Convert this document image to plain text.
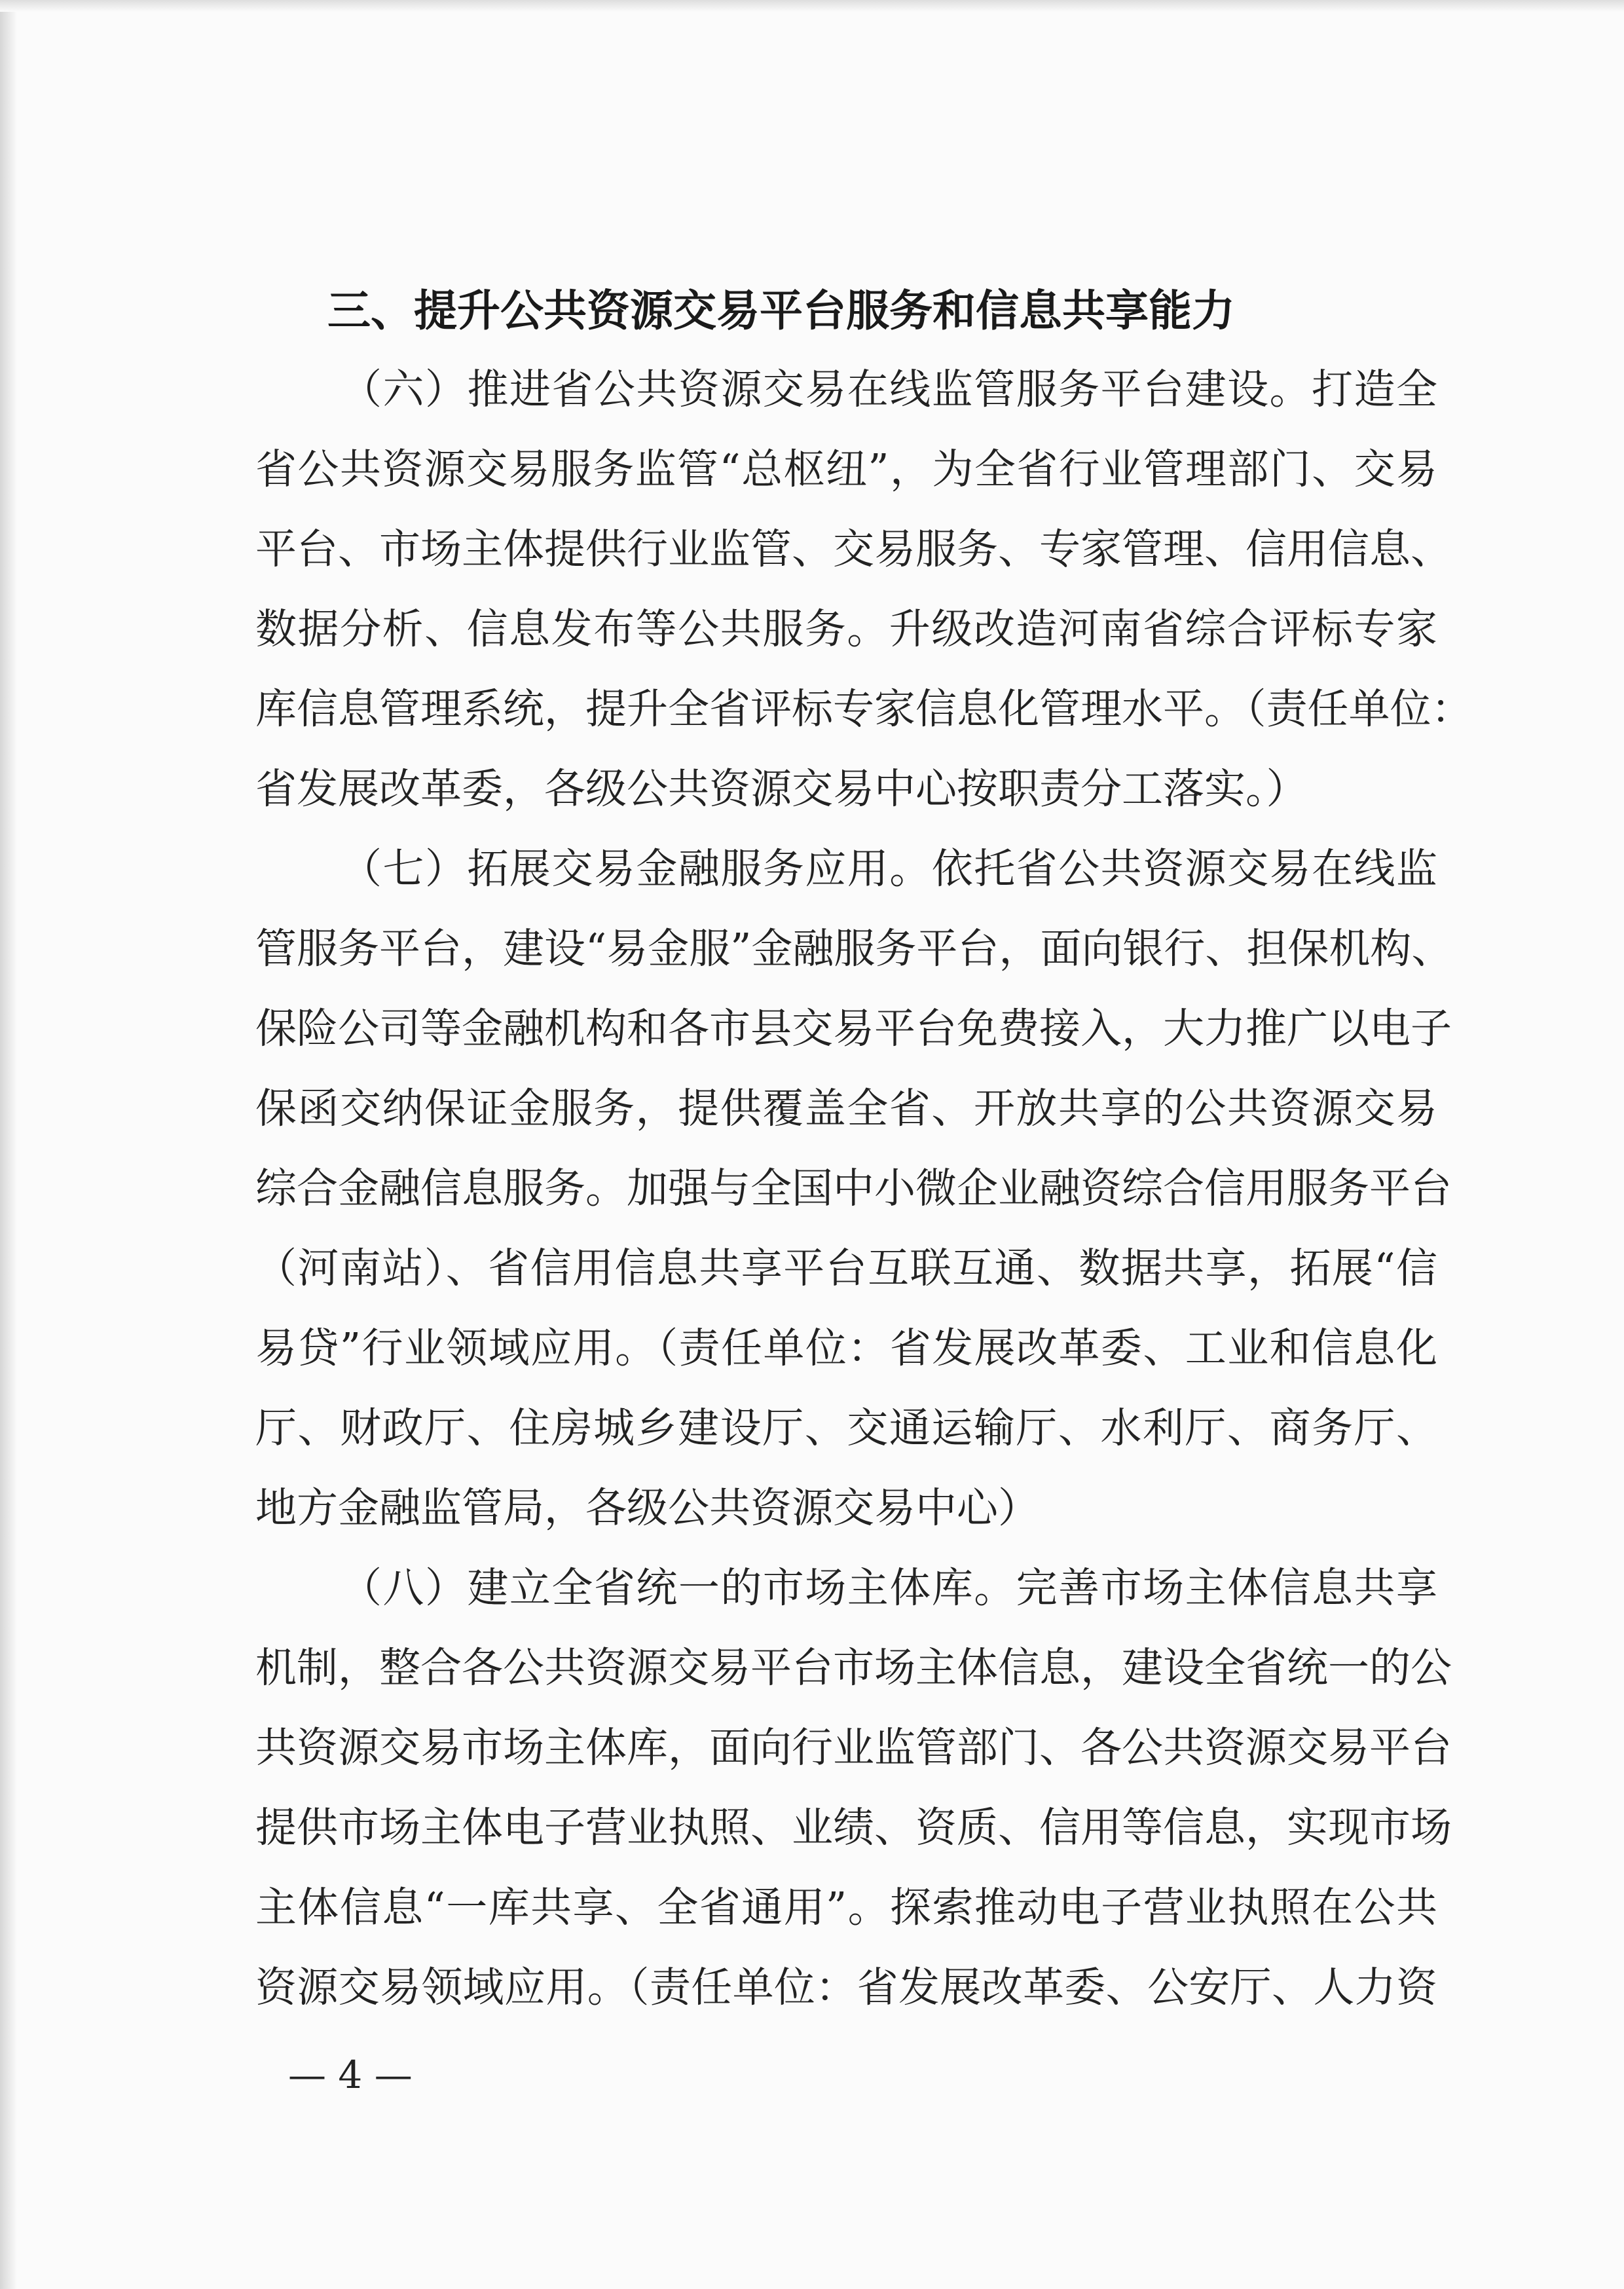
三、提升公共资源交易平台服务和信息共享能力
（六）推进省公共资源交易在线监管服务平台建设。打造全
省公共资源交易服务监管“总枢纽”，为全省行业管理部门、交易
平台、市场主体提供行业监管、交易服务、专家管理、信用信息、
数据分析、信息发布等公共服务。升级改造河南省综合评标专家
库信息管理系统，提升全省评标专家信息化管理水平。（责任单位：
省发展改革委，各级公共资源交易中心按职责分工落实。）
（七）拓展交易金融服务应用。依托省公共资源交易在线监
管服务平台，建设“易金服”金融服务平台，面向银行、担保机构、
保险公司等金融机构和各市县交易平台免费接入，大力推广以电子
保函交纳保证金服务，提供覆盖全省、开放共享的公共资源交易
综合金融信息服务。加强与全国中小微企业融资综合信用服务平台
（河南站）、省信用信息共享平台互联互通、数据共享，拓展“信
易贷”行业领域应用。（责任单位：省发展改革委、工业和信息化
厅、财政厅、住房城乡建设厅、交通运输厅、水利厅、商务厅、
地方金融监管局，各级公共资源交易中心）
（八）建立全省统一的市场主体库。完善市场主体信息共享
机制，整合各公共资源交易平台市场主体信息，建设全省统一的公
共资源交易市场主体库，面向行业监管部门、各公共资源交易平台
提供市场主体电子营业执照、业绩、资质、信用等信息，实现市场
主体信息“一库共享、全省通用”。探索推动电子营业执照在公共
资源交易领域应用。（责任单位：省发展改革委、公安厅、人力资
— 4 —
